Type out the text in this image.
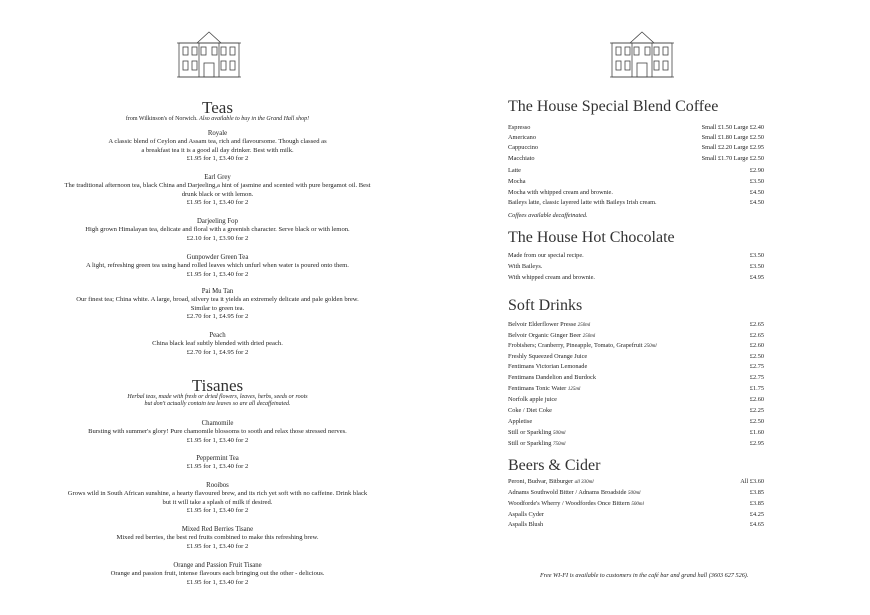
Teas
from Wilkinson's of Norwich. Also available to buy in the Grand Hall shop!
Royale
A classic blend of Ceylon and Assam tea, rich and flavoursome. Though classed as a breakfast tea it is a good all day drinker. Best with milk.
£1.95 for 1, £3.40 for 2
Earl Grey
The traditional afternoon tea, black China and Darjeeling,a hint of jasmine and scented with pure bergamot oil. Best drunk black or with lemon.
£1.95 for 1, £3.40 for 2
Darjeeling Fop
High grown Himalayan tea, delicate and floral with a greenish character. Serve black or with lemon.
£2.10 for 1, £3.90 for 2
Gunpowder Green Tea
A light, refreshing green tea using hand rolled leaves which unfurl when water is poured onto them.
£1.95 for 1, £3.40 for 2
Pai Mu Tan
Our finest tea; China white. A large, broad, silvery tea it yields an extremely delicate and pale golden brew. Similar to green tea.
£2.70 for 1, £4.95 for 2
Peach
China black leaf subtly blended with dried peach.
£2.70 for 1, £4.95 for 2
Tisanes
Herbal teas, made with fresh or dried flowers, leaves, herbs, seeds or roots
but don't actually contain tea leaves so are all decaffeinated.
Chamomile
Bursting with summer's glory! Pure chamomile blossoms to sooth and relax those stressed nerves.
£1.95 for 1, £3.40 for 2
Peppermint Tea
£1.95 for 1, £3.40 for 2
Rooibos
Grows wild in South African sunshine, a hearty flavoured brew, and its rich yet soft with no caffeine. Drink black but it will take a splash of milk if desired.
£1.95 for 1, £3.40 for 2
Mixed Red Berries Tisane
Mixed red berries, the best red fruits combined to make this refreshing brew.
£1.95 for 1, £3.40 for 2
Orange and Passion Fruit Tisane
Orange and passion fruit, intense flavours each bringing out the other - delicious.
£1.95 for 1, £3.40 for 2
The House Special Blend Coffee
Espresso	Small £1.50 Large £2.40
Americano	Small £1.80 Large £2.50
Cappuccino	Small £2.20 Large £2.95
Macchiato	Small £1.70 Large £2.50
Latte	£2.90
Mocha	£3.50
Mocha with whipped cream and brownie.	£4.50
Baileys latte, classic layered latte with Baileys Irish cream.	£4.50
Coffees available decaffeinated.
The House Hot Chocolate
Made from our special recipe.	£3.50
With Baileys.	£3.50
With whipped cream and brownie.	£4.95
Soft Drinks
Belvoir Elderflower Presse 250ml	£2.65
Belvoir Organic Ginger Beer 250ml	£2.65
Frobishers; Cranberry, Pineapple, Tomato, Grapefruit 250ml	£2.60
Freshly Squeezed Orange Juice	£2.50
Fentimans Victorian Lemonade	£2.75
Fentimans Dandelion and Burdock	£2.75
Fentimans Tonic Water 125ml	£1.75
Norfolk apple juice	£2.60
Coke / Diet Coke	£2.25
Appletise	£2.50
Still or Sparkling 500ml	£1.60
Still or Sparkling 750ml	£2.95
Beers & Cider
Peroni, Budvar, Bitburger all 330ml	All £3.60
Adnams Southwold Bitter / Adnams Broadside 500ml	£3.85
Woodforde's Wherry / Woodfordes Once Bittern 500ml	£3.85
Aspalls Cyder	£4.25
Aspalls Blush	£4.65
Free WI-FI is available to customers in the café bar and grand hall (3603 627 526).
